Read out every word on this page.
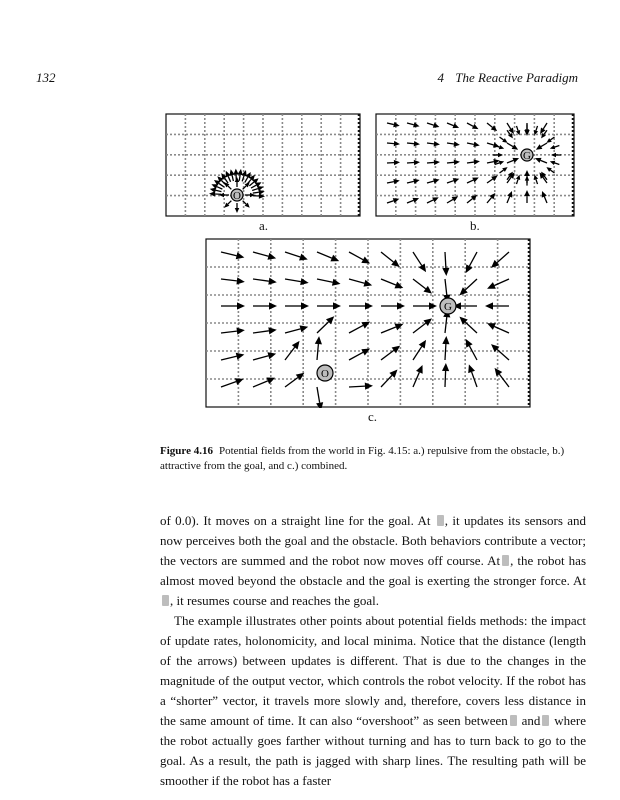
132	4 The Reactive Paradigm
O
a.
G
b.
G
O
c.
Figure 4.16 Potential fields from the world in Fig. 4.15: a.) repulsive from the obstacle, b.) attractive from the goal, and c.) combined.

of 0.0). It moves on a straight line for the goal. At , it updates its sensors and now perceives both the goal and the obstacle. Both behaviors contribute a vector; the vectors are summed and the robot now moves off course. At , the robot has almost moved beyond the obstacle and the goal is exerting the stronger force. At, it resumes course and reaches the goal.

The example illustrates other points about potential fields methods: the impact of update rates, holonomicity, and local minima. Notice that the distance (length of the arrows) between updates is different. That is due to the changes in the magnitude of the output vector, which controls the robot velocity. If the robot has a “shorter” vector, it travels more slowly and, therefore, covers less distance in the same amount of time. It can also “overshoot” as seen between and where the robot actually goes farther without turning and has to turn back to go to the goal. As a result, the path is jagged with sharp lines. The resulting path will be smoother if the robot has a faster
